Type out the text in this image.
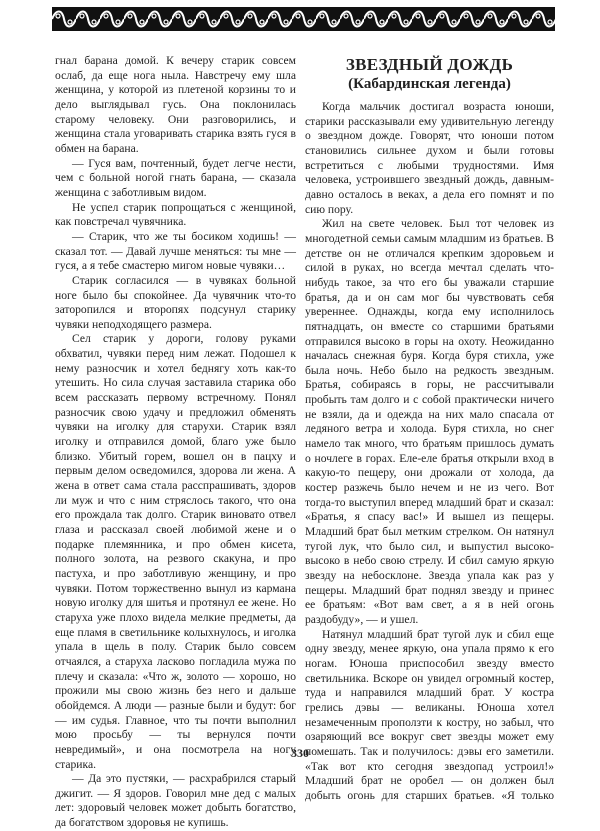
гнал барана домой. К вечеру старик совсем ослаб, да еще нога ныла. Навстречу ему шла женщина, у которой из плетеной корзины то и дело выглядывал гусь. Она поклонилась старому человеку. Они разговорились, и женщина стала уговаривать старика взять гуся в обмен на барана.

— Гуся вам, почтенный, будет легче нести, чем с больной ногой гнать барана, — сказала женщина с заботливым видом.

Не успел старик попрощаться с женщиной, как повстречал чувячника.

— Старик, что же ты босиком ходишь! — сказал тот. — Давай лучше меняться: ты мне — гуся, а я тебе смастерю мигом новые чувяки…

Старик согласился — в чувяках больной ноге было бы спокойнее. Да чувячник что-то заторопился и второпях подсунул старику чувяки неподходящего размера.

Сел старик у дороги, голову руками обхватил, чувяки перед ним лежат. Подошел к нему разносчик и хотел беднягу хоть как-то утешить. Но сила случая заставила старика обо всем рассказать первому встречному. Понял разносчик свою удачу и предложил обменять чувяки на иголку для старухи. Старик взял иголку и отправился домой, благо уже было близко. Убитый горем, вошел он в пацху и первым делом осведомился, здорова ли жена. А жена в ответ сама стала расспрашивать, здоров ли муж и что с ним стряслось такого, что она его прождала так долго. Старик виновато отвел глаза и рассказал своей любимой жене и о подарке племянника, и про обмен кисета, полного золота, на резвого скакуна, и про пастуха, и про заботливую женщину, и про чувяки. Потом торжественно вынул из кармана новую иголку для шитья и протянул ее жене. Но старуха уже плохо видела мелкие предметы, да еще пламя в светильнике колыхнулось, и иголка упала в щель в полу. Старик было совсем отчаялся, а старуха ласково погладила мужа по плечу и сказала: «Что ж, золото — хорошо, но прожили мы свою жизнь без него и дальше обойдемся. А люди — разные были и будут: бог — им судья. Главное, что ты почти выполнил мою просьбу — ты вернулся почти невредимый», и она посмотрела на ногу старика.

— Да это пустяки, — расхрабрился старый джигит. — Я здоров. Говорил мне дед с малых лет: здоровый человек может добыть богатство, да богатством здоровья не купишь.

ЗВЕЗДНЫЙ ДОЖДЬ
(Кабардинская легенда)

Когда мальчик достигал возраста юноши, старики рассказывали ему удивительную легенду о звездном дожде. Говорят, что юноши потом становились сильнее духом и были готовы встретиться с любыми трудностями. Имя человека, устроившего звездный дождь, давным-давно осталось в веках, а дела его помнят и по сию пору.

Жил на свете человек. Был тот человек из многодетной семьи самым младшим из братьев. В детстве он не отличался крепким здоровьем и силой в руках, но всегда мечтал сделать что-нибудь такое, за что его бы уважали старшие братья, да и он сам мог бы чувствовать себя увереннее. Однажды, когда ему исполнилось пятнадцать, он вместе со старшими братьями отправился высоко в горы на охоту. Неожиданно началась снежная буря. Когда буря стихла, уже была ночь. Небо было на редкость звездным. Братья, собираясь в горы, не рассчитывали пробыть там долго и с собой практически ничего не взяли, да и одежда на них мало спасала от ледяного ветра и холода. Буря стихла, но снег намело так много, что братьям пришлось думать о ночлеге в горах. Еле-еле братья открыли вход в какую-то пещеру, они дрожали от холода, да костер разжечь было нечем и не из чего. Вот тогда-то выступил вперед младший брат и сказал: «Братья, я спасу вас!» И вышел из пещеры. Младший брат был метким стрелком. Он натянул тугой лук, что было сил, и выпустил высоко-высоко в небо свою стрелу. И сбил самую яркую звезду на небосклоне. Звезда упала как раз у пещеры. Младший брат поднял звезду и принес ее братьям: «Вот вам свет, а я в ней огонь раздобуду», — и ушел.

Натянул младший брат тугой лук и сбил еще одну звезду, менее яркую, она упала прямо к его ногам. Юноша приспособил звезду вместо светильника. Вскоре он увидел огромный костер, туда и направился младший брат. У костра грелись дэвы — великаны. Юноша хотел незамеченным проползти к костру, но забыл, что озаряющий все вокруг свет звезды может ему помешать. Так и получилось: дэвы его заметили. «Так вот кто сегодня звездопад устроил!» Младший брат не оробел — он должен был добыть огонь для старших братьев. «Я только

330
